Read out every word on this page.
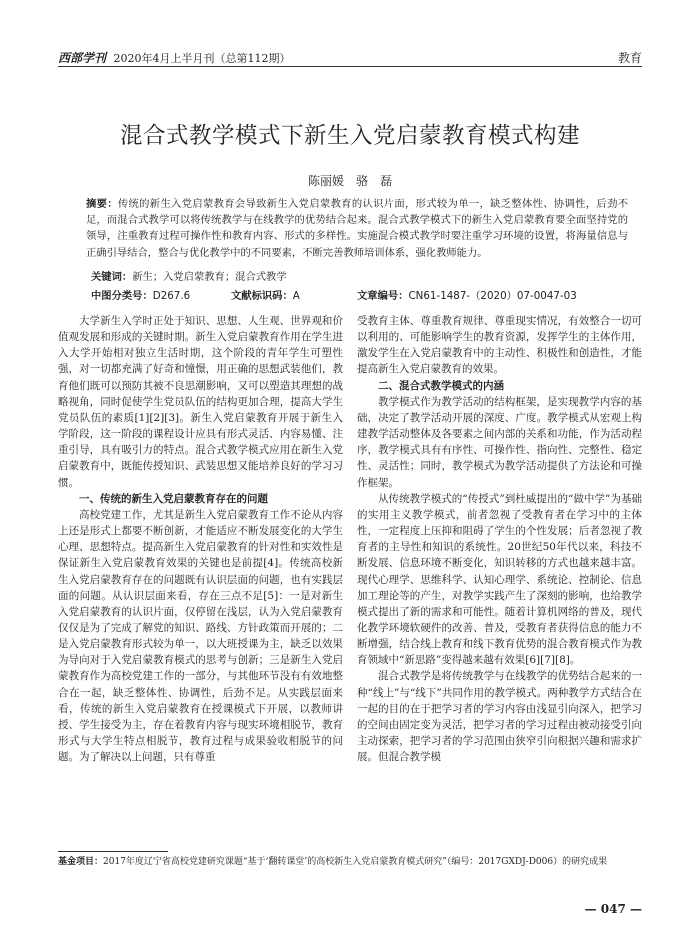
西部学刊 2020年4月上半月刊（总第112期）	教育
混合式教学模式下新生入党启蒙教育模式构建
陈丽媛　骆　磊
摘要：传统的新生入党启蒙教育会导致新生入党启蒙教育的认识片面，形式较为单一，缺乏整体性、协调性，后劲不足，而混合式教学可以将传统教学与在线教学的优势结合起来。混合式教学模式下的新生入党启蒙教育要全面坚持党的领导，注重教育过程可操作性和教育内容、形式的多样性。实施混合模式教学时要注重学习环境的设置，将海量信息与正确引导结合，整合与优化教学中的不同要素，不断完善教师培训体系，强化教师能力。
关键词：新生；入党启蒙教育；混合式教学
中图分类号：D267.6	文献标识码：A	文章编号：CN61-1487-（2020）07-0047-03

大学新生入学时正处于知识、思想、人生观、世界观和价值观发展和形成的关键时期。新生入党启蒙教育作用在学生进入大学开始相对独立生活时期，这个阶段的青年学生可塑性强，对一切都充满了好奇和憧憬，用正确的思想武装他们，教育他们既可以预防其被不良思潮影响，又可以塑造其理想的战略视角，同时促使学生党员队伍的结构更加合理，提高大学生党员队伍的素质[1][2][3]。新生入党启蒙教育开展于新生入学阶段，这一阶段的课程设计应具有形式灵活、内容易懂、注重引导，具有吸引力的特点。混合式教学模式应用在新生入党启蒙教育中，既能传授知识、武装思想又能培养良好的学习习惯。

一、传统的新生入党启蒙教育存在的问题

高校党建工作，尤其是新生入党启蒙教育工作不论从内容上还是形式上都要不断创新，才能适应不断发展变化的大学生心理、思想特点。提高新生入党启蒙教育的针对性和实效性是保证新生入党启蒙教育效果的关键也是前提[4]。传统高校新生入党启蒙教育存在的问题既有认识层面的问题，也有实践层面的问题。从认识层面来看，存在三点不足[5]：一是对新生入党启蒙教育的认识片面，仅停留在浅层，认为入党启蒙教育仅仅是为了完成了解党的知识、路线、方针政策而开展的；二是入党启蒙教育形式较为单一，以大班授课为主，缺乏以效果为导向对于入党启蒙教育模式的思考与创新；三是新生入党启蒙教育作为高校党建工作的一部分，与其他环节没有有效地整合在一起，缺乏整体性、协调性，后劲不足。从实践层面来看，传统的新生入党启蒙教育在授课模式下开展，以教师讲授、学生接受为主，存在着教育内容与现实环境相脱节，教育形式与大学生特点相脱节，教育过程与成果验收相脱节的问题。为了解决以上问题，只有尊重

受教育主体、尊重教育规律、尊重现实情况，有效整合一切可以利用的、可能影响学生的教育资源，发挥学生的主体作用，激发学生在入党启蒙教育中的主动性、积极性和创造性，才能提高新生入党启蒙教育的效果。

二、混合式教学模式的内涵

教学模式作为教学活动的结构框架，是实现教学内容的基础，决定了教学活动开展的深度、广度。教学模式从宏观上构建教学活动整体及各要素之间内部的关系和功能，作为活动程序，教学模式具有有序性、可操作性、指向性、完整性、稳定性、灵活性；同时，教学模式为教学活动提供了方法论和可操作框架。

从传统教学模式的“传授式”到杜威提出的“做中学”为基础的实用主义教学模式，前者忽视了受教育者在学习中的主体性，一定程度上压抑和阻碍了学生的个性发展；后者忽视了教育者的主导性和知识的系统性。20世纪50年代以来，科技不断发展、信息环境不断变化，知识转移的方式也越来越丰富。现代心理学、思维科学、认知心理学、系统论、控制论、信息加工理论等的产生，对教学实践产生了深刻的影响，也给教学模式提出了新的需求和可能性。随着计算机网络的普及，现代化教学环境软硬件的改善、普及，受教育者获得信息的能力不断增强，结合线上教育和线下教育优势的混合教育模式作为教育领域中“新思路”变得越来越有效果[6][7][8]。

混合式教学是将传统教学与在线教学的优势结合起来的一种“线上”与“线下”共同作用的教学模式。两种教学方式结合在一起的目的在于把学习者的学习内容由浅显引向深入，把学习的空间由固定变为灵活，把学习者的学习过程由被动接受引向主动探索，把学习者的学习范围由狭窄引向根据兴趣和需求扩展。但混合教学模

基金项目：2017年度辽宁省高校党建研究课题“基于‘翻转课堂’的高校新生入党启蒙教育模式研究”（编号：2017GXDJ-D006）的研究成果
— 047 —
